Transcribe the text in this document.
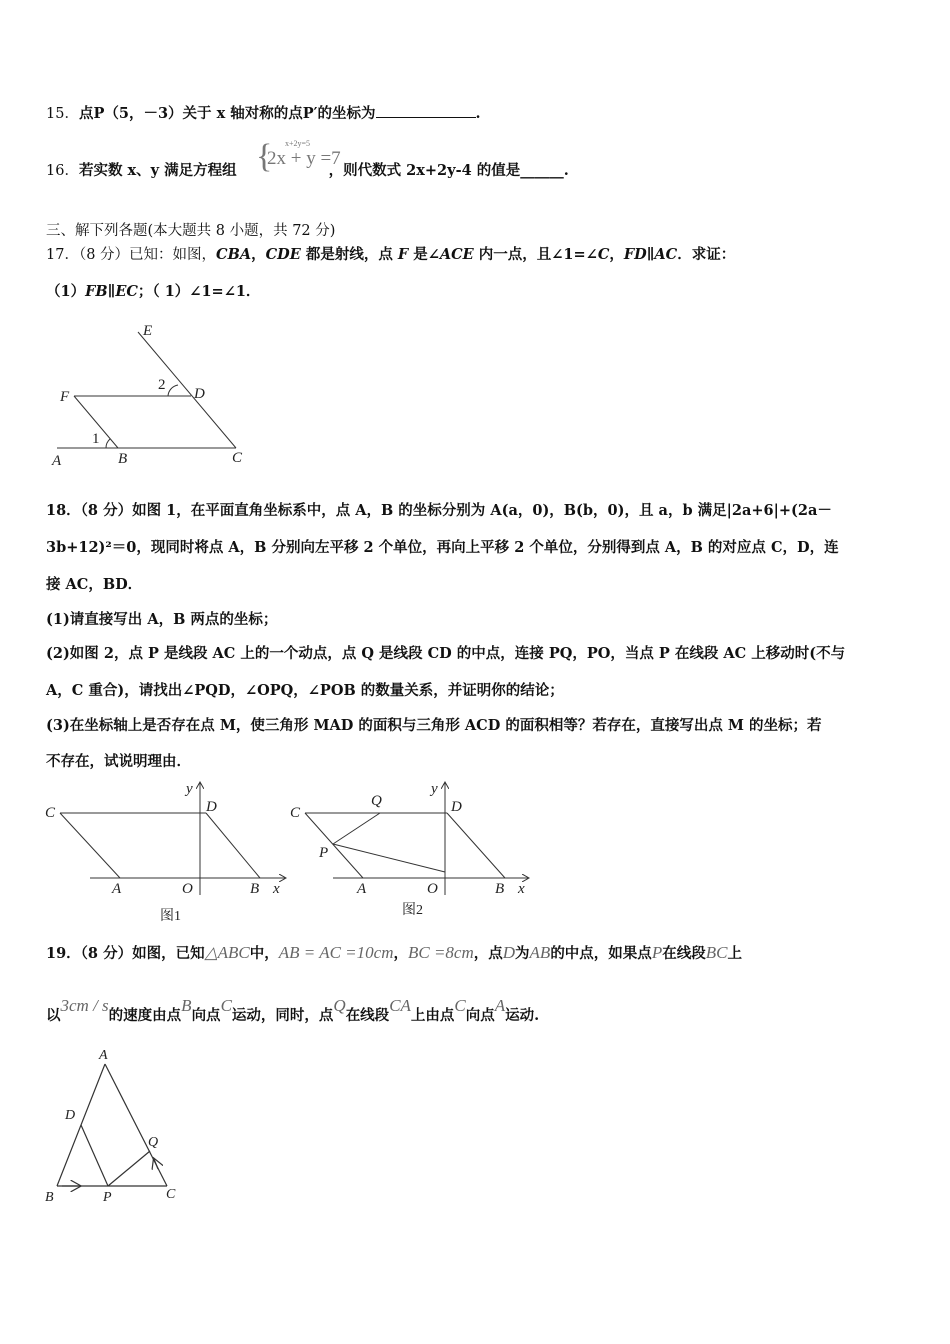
15．点P（5，－3）关于 x 轴对称的点P′的坐标为	.
16．若实数 x、y 满足方程组	，则代数式 2x+2y-4 的值是______.
{ x+2y=5
2x + y =7
三、解下列各题(本大题共 8 小题，共 72 分)
17．（8 分）已知：如图，CBA，CDE 都是射线，点 F 是∠ACE 内一点，且∠1=∠C，FD∥AC．求证：
（1）FB∥EC；（ 1）∠1=∠1．
E
F
2
D
1
A	B	C
18．（8 分）如图 1，在平面直角坐标系中，点 A，B 的坐标分别为 A(a，0)，B(b，0)，且 a，b 满足|2a+6|+(2a－
3b+12)²＝0，现同时将点 A，B 分别向左平移 2 个单位，再向上平移 2 个单位，分别得到点 A，B 的对应点 C，D，连
接 AC，BD．
(1)请直接写出 A，B 两点的坐标；
(2)如图 2，点 P 是线段 AC 上的一个动点，点 Q 是线段 CD 的中点，连接 PQ，PO，当点 P 在线段 AC 上移动时(不与
A，C 重合)，请找出∠PQD，∠OPQ，∠POB 的数量关系，并证明你的结论；
(3)在坐标轴上是否存在点 M，使三角形 MAD 的面积与三角形 ACD 的面积相等？若存在，直接写出点 M 的坐标；若
不存在，试说明理由．
C
y
D
A	O	B x
图1
C
Q
y
D
P
A	O	B x
图2
19．（8 分）如图，已知△ABC中，AB = AC =10cm，BC =8cm，点D为AB的中点，如果点P在线段BC上
以3cm / s的速度由点B向点C运动，同时，点Q在线段CA上由点C向点A运动.
A
D
Q
B	P	C
